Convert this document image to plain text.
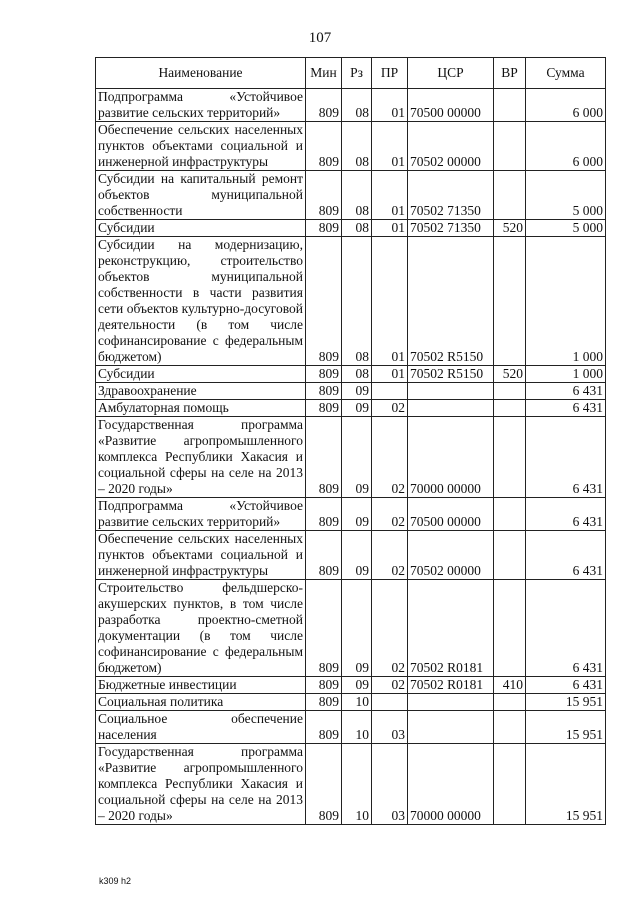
107
Наименование	Мин	Рз	ПР	ЦСР	ВР	Сумма
Подпрограмма «Устойчивое развитие сельских территорий»	809	08	01	70500 00000		6 000
Обеспечение сельских населенных пунктов объектами социальной и инженерной инфраструктуры	809	08	01	70502 00000		6 000
Субсидии на капитальный ремонт объектов муниципальной собственности	809	08	01	70502 71350		5 000
Субсидии	809	08	01	70502 71350	520	5 000
Субсидии на модернизацию, реконструкцию, строительство объектов муниципальной собственности в части развития сети объектов культурно-досуговой деятельности (в том числе софинансирование с федеральным бюджетом)	809	08	01	70502 R5150		1 000
Субсидии	809	08	01	70502 R5150	520	1 000
Здравоохранение	809	09				6 431
Амбулаторная помощь	809	09	02			6 431
Государственная программа «Развитие агропромышленного комплекса Республики Хакасия и социальной сферы на селе на 2013 – 2020 годы»	809	09	02	70000 00000		6 431
Подпрограмма «Устойчивое развитие сельских территорий»	809	09	02	70500 00000		6 431
Обеспечение сельских населенных пунктов объектами социальной и инженерной инфраструктуры	809	09	02	70502 00000		6 431
Строительство фельдшерско-акушерских пунктов, в том числе разработка проектно-сметной документации (в том числе софинансирование с федеральным бюджетом)	809	09	02	70502 R0181		6 431
Бюджетные инвестиции	809	09	02	70502 R0181	410	6 431
Социальная политика	809	10				15 951
Социальное обеспечение населения	809	10	03			15 951
Государственная программа «Развитие агропромышленного комплекса Республики Хакасия и социальной сферы на селе на 2013 – 2020 годы»	809	10	03	70000 00000		15 951
k309 h2
